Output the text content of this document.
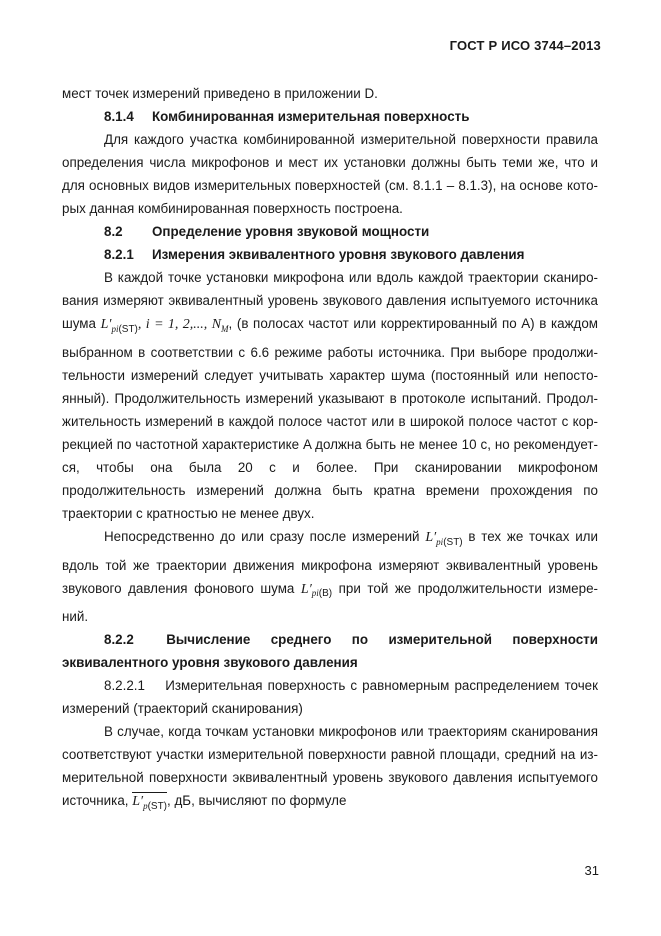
ГОСТ Р ИСО 3744–2013

мест точек измерений приведено в приложении D.

8.1.4 Комбинированная измерительная поверхность

Для каждого участка комбинированной измерительной поверхности правила определения числа микрофонов и мест их установки должны быть теми же, что и для основных видов измерительных поверхностей (см. 8.1.1 – 8.1.3), на основе кото-рых данная комбинированная поверхность построена.

8.2 Определение уровня звуковой мощности

8.2.1 Измерения эквивалентного уровня звукового давления

В каждой точке установки микрофона или вдоль каждой траектории сканиро-вания измеряют эквивалентный уровень звукового давления испытуемого источника шума $L'_{pi(ST)}$, i = 1, 2,..., $N_M$, (в полосах частот или корректированный по A) в каждом выбранном в соответствии с 6.6 режиме работы источника. При выборе продолжи-тельности измерений следует учитывать характер шума (постоянный или непосто-янный). Продолжительность измерений указывают в протоколе испытаний. Продол-жительность измерений в каждой полосе частот или в широкой полосе частот с кор-рекцией по частотной характеристике A должна быть не менее 10 с, но рекомендует-ся, чтобы она была 20 с и более. При сканировании микрофоном продолжительность измерений должна быть кратна времени прохождения по траектории с кратностью не менее двух.

Непосредственно до или сразу после измерений $L'_{pi(ST)}$ в тех же точках или вдоль той же траектории движения микрофона измеряют эквивалентный уровень звукового давления фонового шума $L'_{pi(B)}$ при той же продолжительности измере-ний.

8.2.2 Вычисление среднего по измерительной поверхности

эквивалентного уровня звукового давления

8.2.2.1 Измерительная поверхность с равномерным распределением точек измерений (траекторий сканирования)

В случае, когда точкам установки микрофонов или траекториям сканирования соответствуют участки измерительной поверхности равной площади, средний на из-мерительной поверхности эквивалентный уровень звукового давления испытуемого источника, $L'_{p(ST)}$, дБ, вычисляют по формуле

31
